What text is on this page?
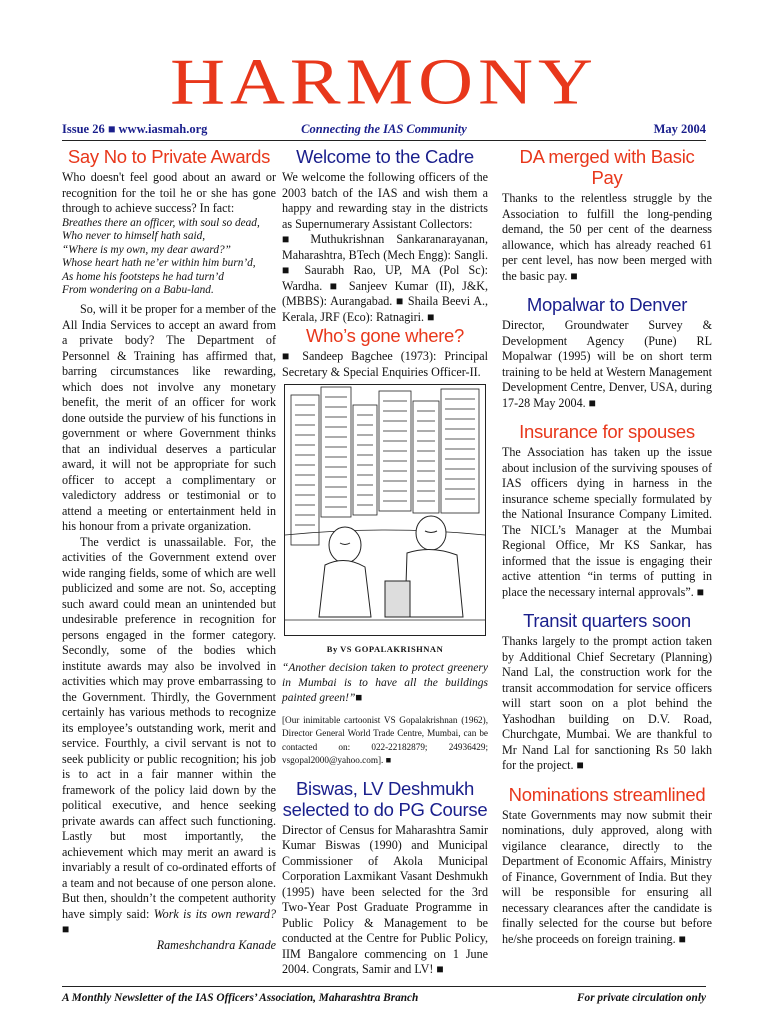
HARMONY
Issue 26 ■ www.iasmah.org	Connecting the IAS Community	May 2004
Say No to Private Awards

Who doesn't feel good about an award or recognition for the toil he or she has gone through to achieve success? In fact:

Breathes there an officer, with soul so dead,
Who never to himself hath said,
“Where is my own, my dear award?”
Whose heart hath ne’er within him burn’d,
As home his footsteps he had turn’d
From wondering on a Babu-land.

So, will it be proper for a member of the All India Services to accept an award from a private body? The Department of Personnel & Training has affirmed that, barring circumstances like rewarding, which does not involve any monetary benefit, the merit of an officer for work done outside the purview of his functions in government or where Government thinks that an individual deserves a particular award, it will not be appropriate for such officer to accept a complimentary or valedictory address or testimonial or to attend a meeting or entertainment held in his honour from a private organization.

The verdict is unassailable. For, the activities of the Government extend over wide ranging fields, some of which are well publicized and some are not. So, accepting such award could mean an unintended but undesirable preference in recognition for persons engaged in the former category. Secondly, some of the bodies which institute awards may also be involved in activities which may prove embarrassing to the Government. Thirdly, the Government certainly has various methods to recognize its employee’s outstanding work, merit and service. Fourthly, a civil servant is not to seek publicity or public recognition; his job is to act in a fair manner within the framework of the policy laid down by the political executive, and hence seeking private awards can affect such functioning. Lastly but most importantly, the achievement which may merit an award is invariably a result of co-ordinated efforts of a team and not because of one person alone. But then, shouldn’t the competent authority have simply said: Work is its own reward? ■

Rameshchandra Kanade
Welcome to the Cadre

We welcome the following officers of the 2003 batch of the IAS and wish them a happy and rewarding stay in the districts as Supernumerary Assistant Collectors:

■ Muthukrishnan Sankaranarayanan, Maharashtra, BTech (Mech Engg): Sangli. ■ Saurabh Rao, UP, MA (Pol Sc): Wardha. ■ Sanjeev Kumar (II), J&K, (MBBS): Aurangabad. ■ Shaila Beevi A., Kerala, JRF (Eco): Ratnagiri. ■

Who’s gone where?

■ Sandeep Bagchee (1973): Principal Secretary & Special Enquiries Officer-II.

By VS GOPALAKRISHNAN

“Another decision taken to protect greenery in Mumbai is to have all the buildings painted green!”■

[Our inimitable cartoonist VS Gopalakrishnan (1962), Director General World Trade Centre, Mumbai, can be contacted on: 022-22182879; 24936429; vsgopal2000@yahoo.com]. ■

Biswas, LV Deshmukh selected to do PG Course

Director of Census for Maharashtra Samir Kumar Biswas (1990) and Municipal Commissioner of Akola Municipal Corporation Laxmikant Vasant Deshmukh (1995) have been selected for the 3rd Two-Year Post Graduate Programme in Public Policy & Management to be conducted at the Centre for Public Policy, IIM Bangalore commencing on 1 June 2004. Congrats, Samir and LV! ■

DA merged with Basic Pay

Thanks to the relentless struggle by the Association to fulfill the long-pending demand, the 50 per cent of the dearness allowance, which has already reached 61 per cent level, has now been merged with the basic pay. ■

Mopalwar to Denver

Director, Groundwater Survey & Development Agency (Pune) RL Mopalwar (1995) will be on short term training to be held at Western Management Development Centre, Denver, USA, during 17-28 May 2004. ■

Insurance for spouses

The Association has taken up the issue about inclusion of the surviving spouses of IAS officers dying in harness in the insurance scheme specially formulated by the National Insurance Company Limited. The NICL’s Manager at the Mumbai Regional Office, Mr KS Sankar, has informed that the issue is engaging their active attention “in terms of putting in place the necessary internal approvals”. ■

Transit quarters soon

Thanks largely to the prompt action taken by Additional Chief Secretary (Planning) Nand Lal, the construction work for the transit accommodation for service officers will start soon on a plot behind the Yashodhan building on D.V. Road, Churchgate, Mumbai. We are thankful to Mr Nand Lal for sanctioning Rs 50 lakh for the project. ■

Nominations streamlined

State Governments may now submit their nominations, duly approved, along with vigilance clearance, directly to the Department of Economic Affairs, Ministry of Finance, Government of India. But they will be responsible for ensuring all necessary clearances after the candidate is finally selected for the course but before he/she proceeds on foreign training. ■

A Monthly Newsletter of the IAS Officers’ Association, Maharashtra Branch	For private circulation only
